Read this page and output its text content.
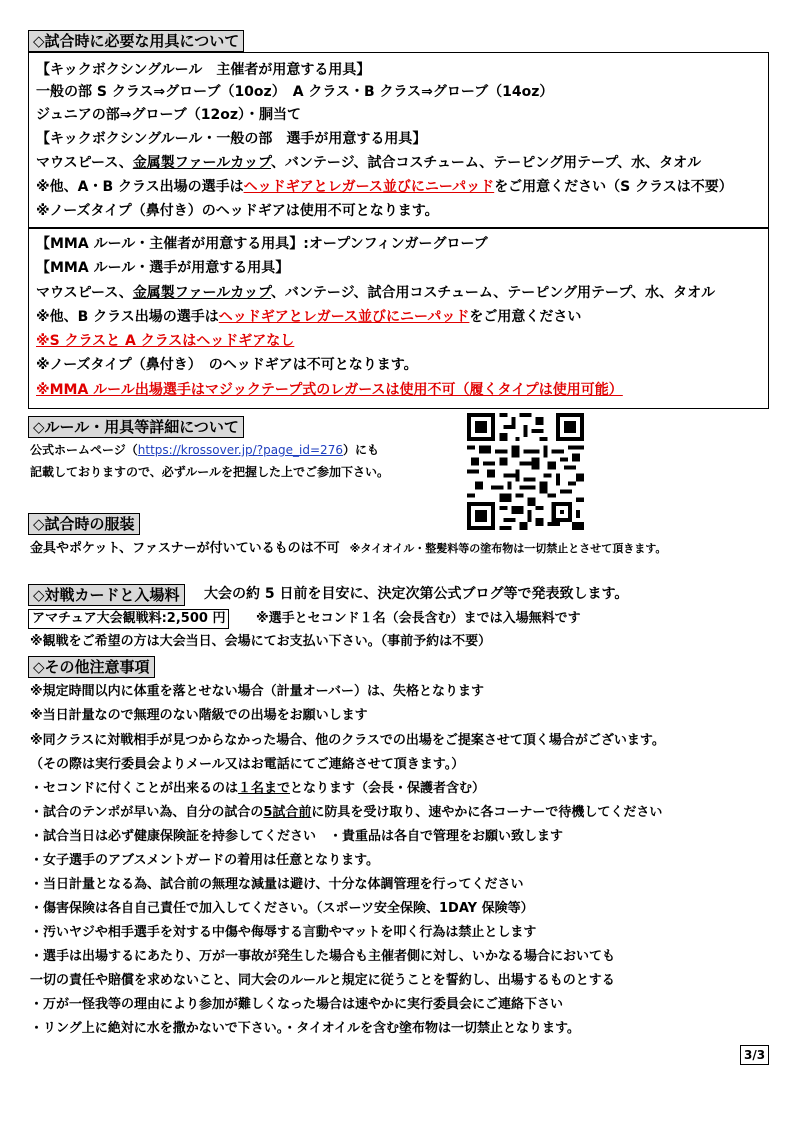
◇試合時に必要な用具について
【キックボクシングルール　主催者が用意する用具】
一般の部 S クラス⇒グローブ（10oz）　A クラス・B クラス⇒グローブ（14oz）
ジュニアの部⇒グローブ（12oz）・胴当て
【キックボクシングルール・一般の部　選手が用意する用具】
マウスピース、金属製ファールカップ、バンテージ、試合コスチューム、テーピング用テープ、水、タオル
※他、A・B クラス出場の選手はヘッドギアとレガース並びにニーパッドをご用意ください（S クラスは不要）
※ノーズタイプ（鼻付き）のヘッドギアは使用不可となります。
【MMA ルール・主催者が用意する用具】:オープンフィンガーグローブ
【MMA ルール・選手が用意する用具】
マウスピース、金属製ファールカップ、バンテージ、試合用コスチューム、テーピング用テープ、水、タオル
※他、B クラス出場の選手はヘッドギアとレガース並びにニーパッドをご用意ください
※S クラスと A クラスはヘッドギアなし
※ノーズタイプ（鼻付き）　のヘッドギアは不可となります。
※MMA ルール出場選手はマジックテープ式のレガースは使用不可（履くタイプは使用可能）
◇ルール・用具等詳細について
公式ホームページ（https://krossover.jp/?page_id=276）にも
記載しておりますので、必ずルールを把握した上でご参加下さい。
◇試合時の服装
金具やポケット、ファスナーが付いているものは不可 ※タイオイル・整髪料等の塗布物は一切禁止とさせて頂きます。
◇対戦カードと入場料	大会の約 5 日前を目安に、決定次第公式ブログ等で発表致します。
アマチュア大会観戦料:2,500 円	※選手とセコンド１名（会長含む）までは入場無料です
※観戦をご希望の方は大会当日、会場にてお支払い下さい。（事前予約は不要）
◇その他注意事項
※規定時間以内に体重を落とせない場合（計量オーバー）は、失格となります
※当日計量なので無理のない階級での出場をお願いします
※同クラスに対戦相手が見つからなかった場合、他のクラスでの出場をご提案させて頂く場合がございます。
（その際は実行委員会よりメール又はお電話にてご連絡させて頂きます。）
・セコンドに付くことが出来るのは１名までとなります（会長・保護者含む）
・試合のテンポが早い為、自分の試合の5試合前に防具を受け取り、速やかに各コーナーで待機してください
・試合当日は必ず健康保険証を持参してください　・貴重品は各自で管理をお願い致します
・女子選手のアブスメントガードの着用は任意となります。
・当日計量となる為、試合前の無理な減量は避け、十分な体調管理を行ってください
・傷害保険は各自自己責任で加入してください。（スポーツ安全保険、1DAY 保険等）
・汚いヤジや相手選手を対する中傷や侮辱する言動やマットを叩く行為は禁止とします
・選手は出場するにあたり、万が一事故が発生した場合も主催者側に対し、いかなる場合においても
一切の責任や賠償を求めないこと、同大会のルールと規定に従うことを誓約し、出場するものとする
・万が一怪我等の理由により参加が難しくなった場合は速やかに実行委員会にご連絡下さい
・リング上に絶対に水を撒かないで下さい。・タイオイルを含む塗布物は一切禁止となります。
3/3
